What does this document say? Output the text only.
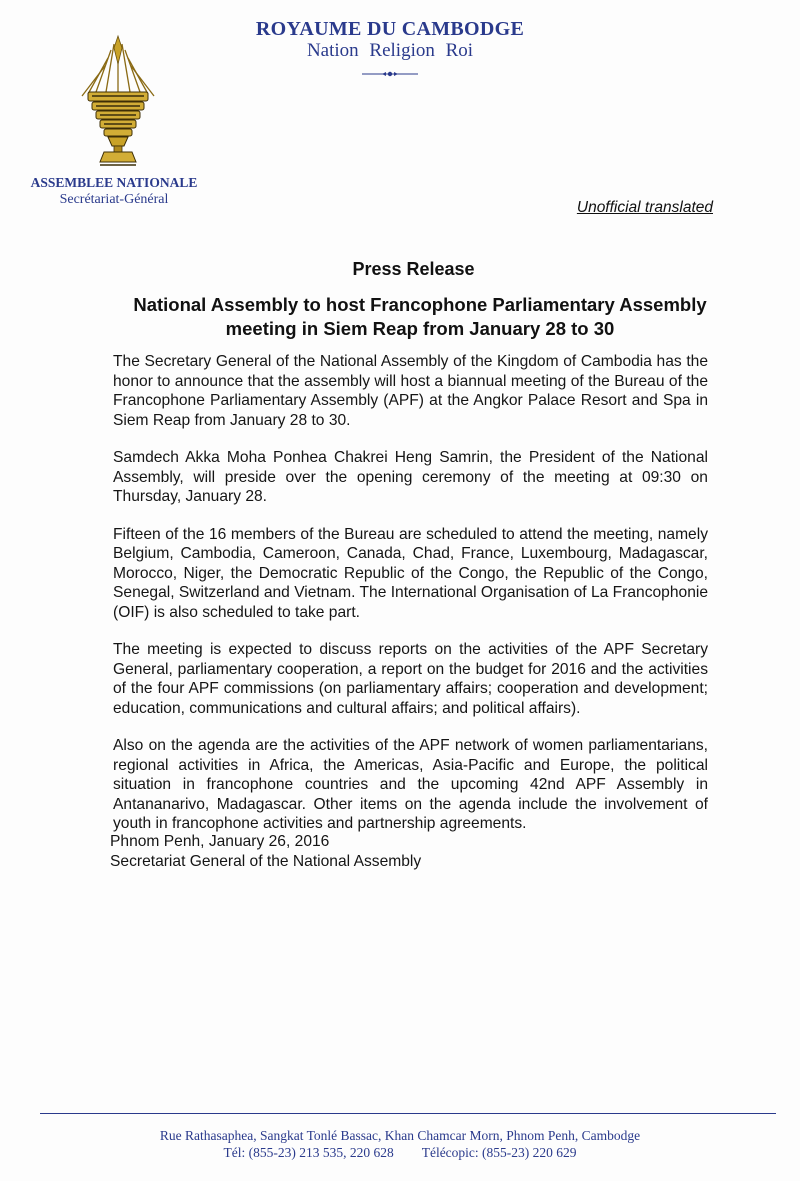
ROYAUME DU CAMBODGE
Nation Religion Roi
ASSEMBLEE NATIONALE
Secrétariat-Général	Unofficial translated
Press Release
National Assembly to host Francophone Parliamentary Assembly meeting in Siem Reap from January 28 to 30

The Secretary General of the National Assembly of the Kingdom of Cambodia has the honor to announce that the assembly will host a biannual meeting of the Bureau of the Francophone Parliamentary Assembly (APF) at the Angkor Palace Resort and Spa in Siem Reap from January 28 to 30.

Samdech Akka Moha Ponhea Chakrei Heng Samrin, the President of the National Assembly, will preside over the opening ceremony of the meeting at 09:30 on Thursday, January 28.

Fifteen of the 16 members of the Bureau are scheduled to attend the meeting, namely Belgium, Cambodia, Cameroon, Canada, Chad, France, Luxembourg, Madagascar, Morocco, Niger, the Democratic Republic of the Congo, the Republic of the Congo, Senegal, Switzerland and Vietnam. The International Organisation of La Francophonie (OIF) is also scheduled to take part.

The meeting is expected to discuss reports on the activities of the APF Secretary General, parliamentary cooperation, a report on the budget for 2016 and the activities of the four APF commissions (on parliamentary affairs; cooperation and development; education, communications and cultural affairs; and political affairs).

Also on the agenda are the activities of the APF network of women parliamentarians, regional activities in Africa, the Americas, Asia-Pacific and Europe, the political situation in francophone countries and the upcoming 42nd APF Assembly in Antananarivo, Madagascar. Other items on the agenda include the involvement of youth in francophone activities and partnership agreements.

Phnom Penh, January 26, 2016
Secretariat General of the National Assembly
Rue Rathasaphea, Sangkat Tonlé Bassac, Khan Chamcar Morn, Phnom Penh, Cambodge
Tél: (855-23) 213 535, 220 628 Télécopic: (855-23) 220 629
